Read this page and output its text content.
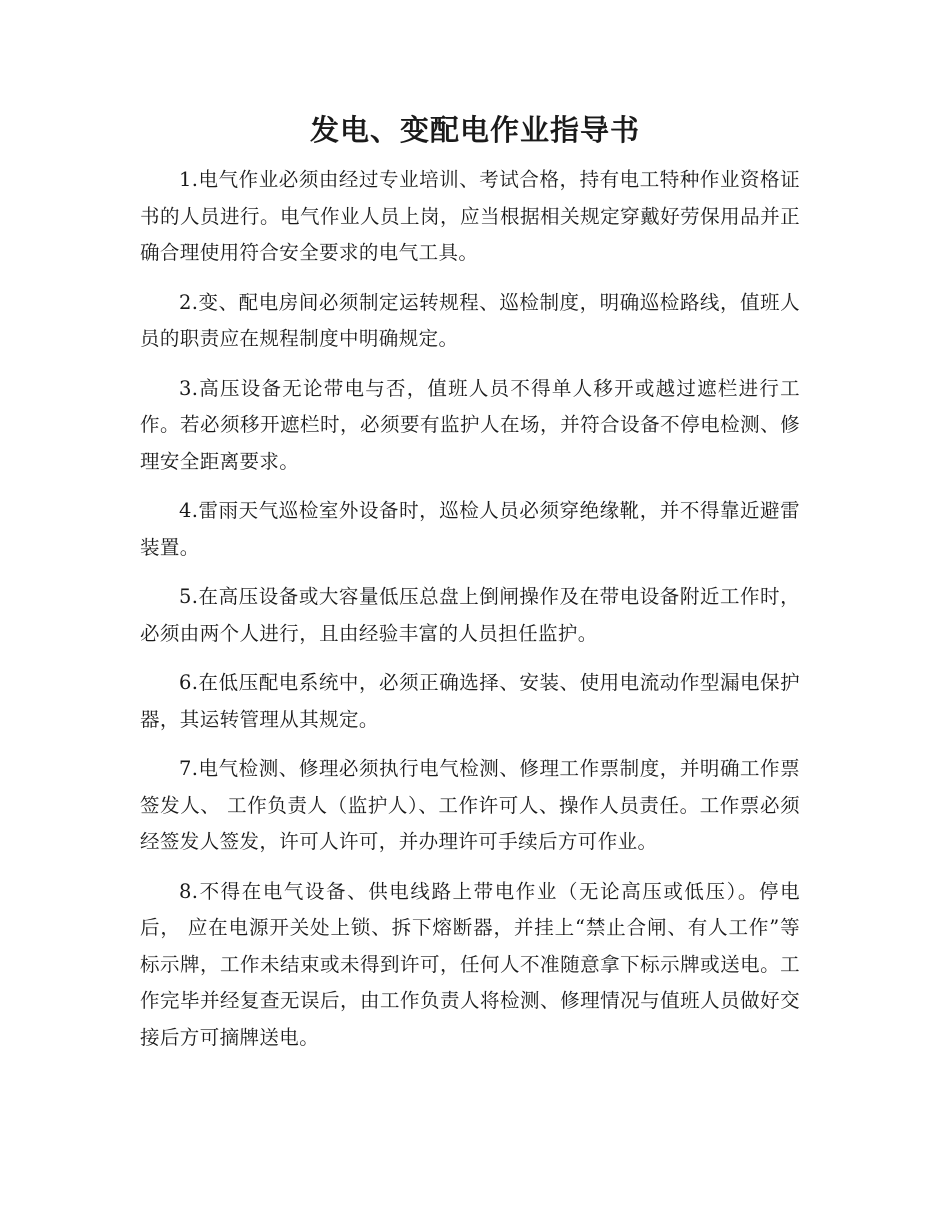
发电、变配电作业指导书

1.电气作业必须由经过专业培训、考试合格，持有电工特种作业资格证书的人员进行。电气作业人员上岗，应当根据相关规定穿戴好劳保用品并正确合理使用符合安全要求的电气工具。

2.变、配电房间必须制定运转规程、巡检制度，明确巡检路线，值班人员的职责应在规程制度中明确规定。

3.高压设备无论带电与否，值班人员不得单人移开或越过遮栏进行工作。若必须移开遮栏时，必须要有监护人在场，并符合设备不停电检测、修理安全距离要求。

4.雷雨天气巡检室外设备时，巡检人员必须穿绝缘靴，并不得靠近避雷装置。

5.在高压设备或大容量低压总盘上倒闸操作及在带电设备附近工作时， 必须由两个人进行，且由经验丰富的人员担任监护。

6.在低压配电系统中，必须正确选择、安装、使用电流动作型漏电保护器，其运转管理从其规定。

7.电气检测、修理必须执行电气检测、修理工作票制度，并明确工作票签发人、 工作负责人（监护人）、工作许可人、操作人员责任。工作票必须经签发人签发，许可人许可，并办理许可手续后方可作业。

8.不得在电气设备、供电线路上带电作业（无论高压或低压）。停电后， 应在电源开关处上锁、拆下熔断器，并挂上“禁止合闸、有人工作”等标示牌，工作未结束或未得到许可，任何人不准随意拿下标示牌或送电。工作完毕并经复查无误后，由工作负责人将检测、修理情况与值班人员做好交接后方可摘牌送电。
